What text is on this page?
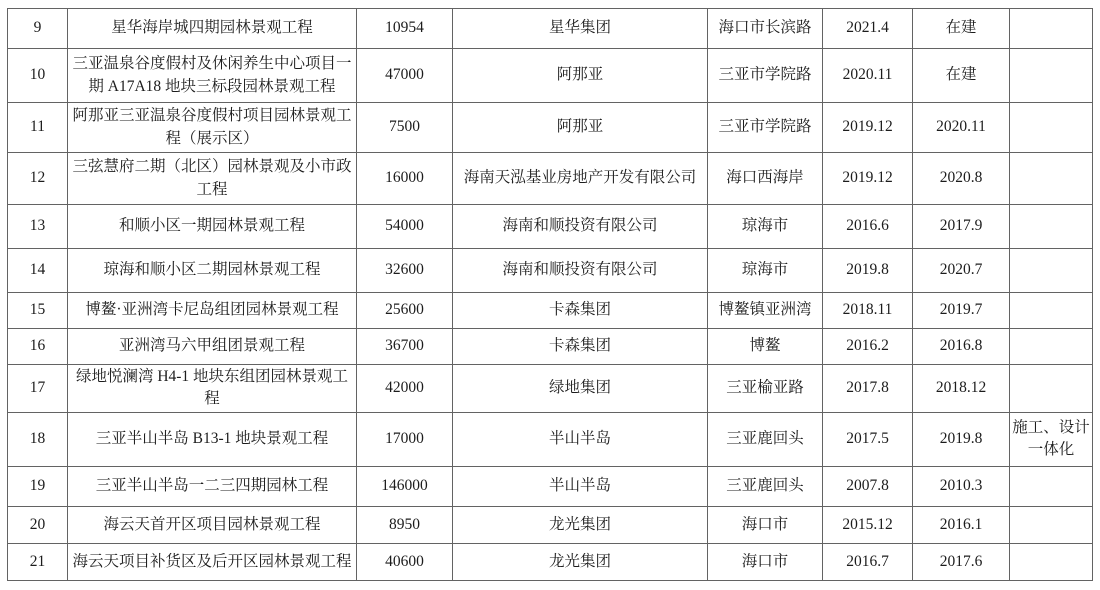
9	星华海岸城四期园林景观工程	10954	星华集团	海口市长滨路	2021.4	在建	
10	三亚温泉谷度假村及休闲养生中心项目一期 A17A18 地块三标段园林景观工程	47000	阿那亚	三亚市学院路	2020.11	在建	
11	阿那亚三亚温泉谷度假村项目园林景观工程（展示区）	7500	阿那亚	三亚市学院路	2019.12	2020.11	
12	三弦慧府二期（北区）园林景观及小市政工程	16000	海南天泓基业房地产开发有限公司	海口西海岸	2019.12	2020.8	
13	和顺小区一期园林景观工程	54000	海南和顺投资有限公司	琼海市	2016.6	2017.9	
14	琼海和顺小区二期园林景观工程	32600	海南和顺投资有限公司	琼海市	2019.8	2020.7	
15	博鳌·亚洲湾卡尼岛组团园林景观工程	25600	卡森集团	博鳌镇亚洲湾	2018.11	2019.7	
16	亚洲湾马六甲组团景观工程	36700	卡森集团	博鳌	2016.2	2016.8	
17	绿地悦澜湾 H4-1 地块东组团园林景观工程	42000	绿地集团	三亚榆亚路	2017.8	2018.12	
18	三亚半山半岛 B13-1 地块景观工程	17000	半山半岛	三亚鹿回头	2017.5	2019.8	施工、设计一体化
19	三亚半山半岛一二三四期园林工程	146000	半山半岛	三亚鹿回头	2007.8	2010.3	
20	海云天首开区项目园林景观工程	8950	龙光集团	海口市	2015.12	2016.1	
21	海云天项目补货区及后开区园林景观工程	40600	龙光集团	海口市	2016.7	2017.6	
